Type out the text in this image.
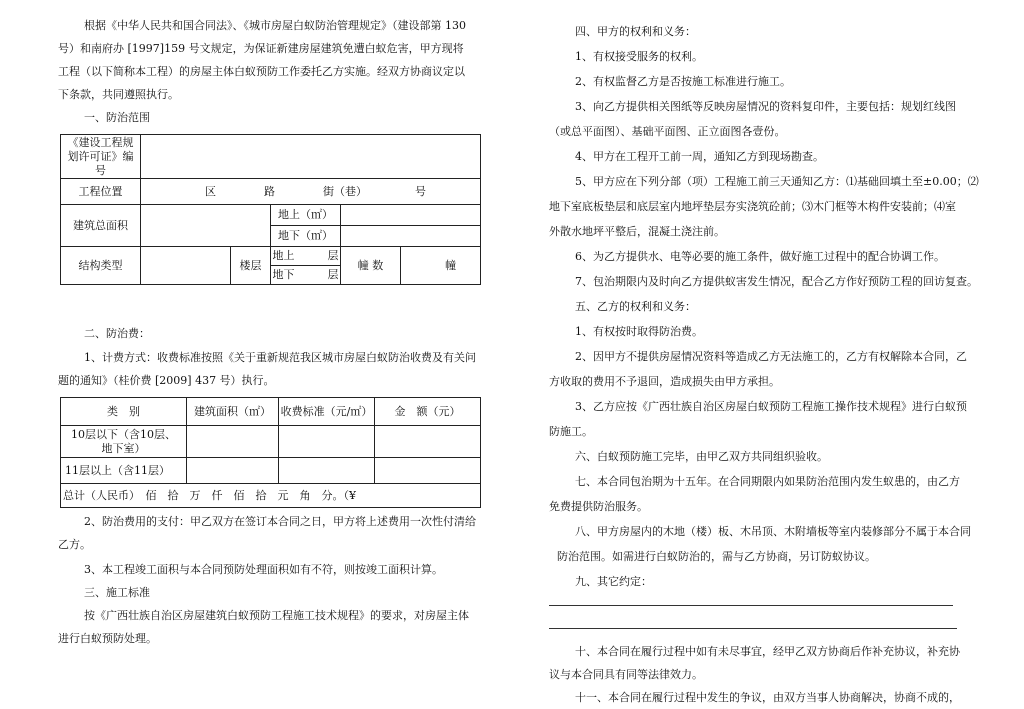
根据《中华人民共和国合同法》、《城市房屋白蚁防治管理规定》（建设部第 130
号）和南府办 [1997]159 号文规定，为保证新建房屋建筑免遭白蚁危害，甲方现将
工程（以下简称本工程）的房屋主体白蚁预防工作委托乙方实施。经双方协商议定以
下条款，共同遵照执行。
一、防治范围
《建设工程规划许可证》编号					
工程位置	区 路 街（巷） 号				

建筑总面积			地上（㎡）		
			地下（㎡）		
结构类型		楼层	地上　　　层	幢 数	幢
			地下　　　层		
二、防治费：
1、计费方式：收费标准按照《关于重新规范我区城市房屋白蚁防治收费及有关问
题的通知》（桂价费 [2009] 437 号）执行。
类　别	建筑面积（㎡）	收费标准（元/㎡）	金　额（元）
10层以下（含10层、地下室）			
11层以上（含11层）			
总计（人民币）　佰　拾　万　仟　佰　拾　元　角　分。（¥			
2、防治费用的支付：甲乙双方在签订本合同之日，甲方将上述费用一次性付清给
乙方。
3、本工程竣工面积与本合同预防处理面积如有不符，则按竣工面积计算。
三、施工标准
按《广西壮族自治区房屋建筑白蚁预防工程施工技术规程》的要求，对房屋主体
进行白蚁预防处理。
四、甲方的权利和义务：
1、有权接受服务的权利。
2、有权监督乙方是否按施工标准进行施工。
3、向乙方提供相关图纸等反映房屋情况的资料复印件，主要包括：规划红线图
（或总平面图）、基础平面图、正立面图各壹份。
4、甲方在工程开工前一周，通知乙方到现场勘查。
5、甲方应在下列分部（项）工程施工前三天通知乙方：⑴基础回填土至±0.00；⑵
地下室底板垫层和底层室内地坪垫层夯实浇筑砼前；⑶木门框等木构件安装前；⑷室
外散水地坪平整后，混凝土浇注前。
6、为乙方提供水、电等必要的施工条件，做好施工过程中的配合协调工作。
7、包治期限内及时向乙方提供蚁害发生情况，配合乙方作好预防工程的回访复查。
五、乙方的权利和义务：
1、有权按时取得防治费。
2、因甲方不提供房屋情况资料等造成乙方无法施工的，乙方有权解除本合同，乙
方收取的费用不予退回，造成损失由甲方承担。
3、乙方应按《广西壮族自治区房屋白蚁预防工程施工操作技术规程》进行白蚁预
防施工。
六、白蚁预防施工完毕，由甲乙双方共同组织验收。
七、本合同包治期为十五年。在合同期限内如果防治范围内发生蚁患的，由乙方
免费提供防治服务。
八、甲方房屋内的木地（楼）板、木吊顶、木附墙板等室内装修部分不属于本合同
防治范围。如需进行白蚁防治的，需与乙方协商，另订防蚁协议。
九、其它约定：
十、本合同在履行过程中如有未尽事宜，经甲乙双方协商后作补充协议，补充协
议与本合同具有同等法律效力。
十一、本合同在履行过程中发生的争议，由双方当事人协商解决，协商不成的，
